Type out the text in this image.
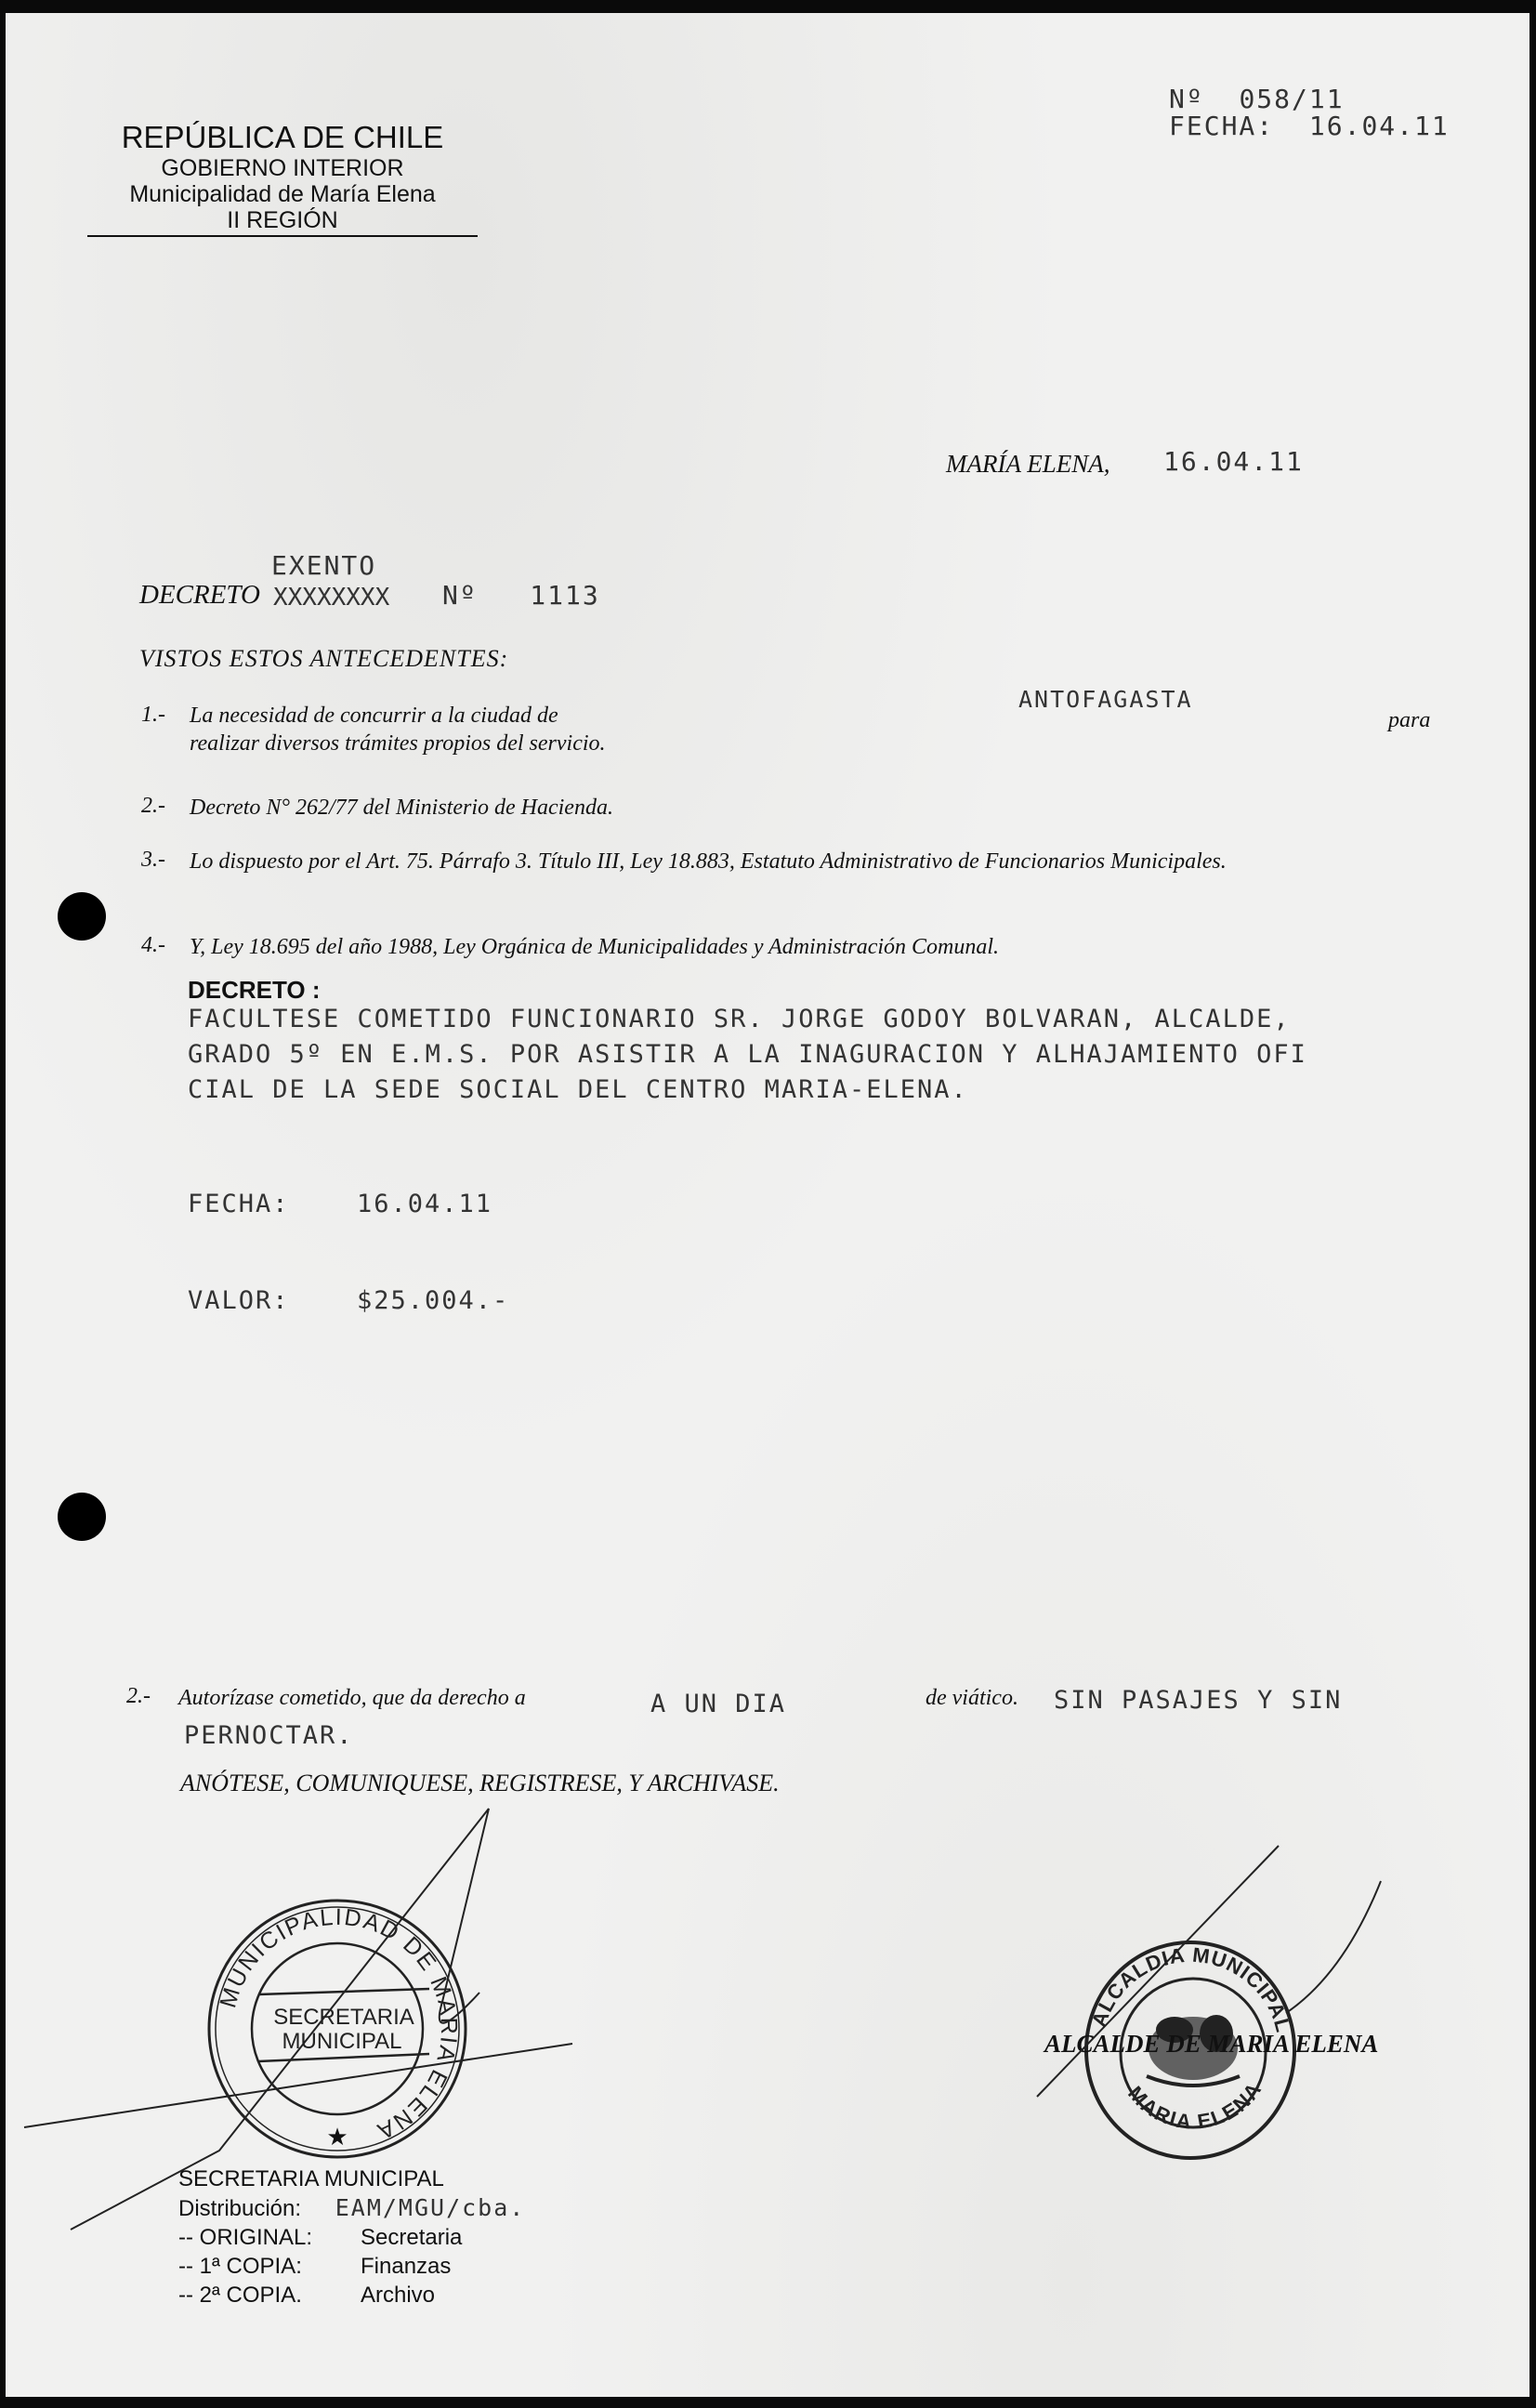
REPÚBLICA DE CHILE
GOBIERNO INTERIOR
Municipalidad de María Elena
II REGIÓN
Nº 058/11
FECHA: 16.04.11
MARÍA ELENA, 16.04.11
EXENTO
DECRETO XXXXXXXX Nº 1113
VISTOS ESTOS ANTECEDENTES:
1.- La necesidad de concurrir a la ciudad de
realizar diversos trámites propios del servicio.
ANTOFAGASTA
para
2.- Decreto N° 262/77 del Ministerio de Hacienda.
3.- Lo dispuesto por el Art. 75. Párrafo 3. Título III, Ley 18.883, Estatuto Administrativo de Funcionarios Municipales.
4.- Y, Ley 18.695 del año 1988, Ley Orgánica de Municipalidades y Administración Comunal.
DECRETO :
FACULTESE COMETIDO FUNCIONARIO SR. JORGE GODOY BOLVARAN, ALCALDE,
GRADO 5º EN E.M.S. POR ASISTIR A LA INAGURACION Y ALHAJAMIENTO OFI
CIAL DE LA SEDE SOCIAL DEL CENTRO MARIA-ELENA.
FECHA:	16.04.11
VALOR:	$25.004.-
2.- Autorízase cometido, que da derecho a	A UN DIA	de viático. SIN PASAJES Y SIN
PERNOCTAR.
ANÓTESE, COMUNIQUESE, REGISTRESE, Y ARCHIVASE.
MUNICIPALIDAD DE MARIA ELENA
SECRETARIA
MUNICIPAL
★
ALCALDIA MUNICIPAL
MARIA ELENA
ALCALDE DE MARIA ELENA
SECRETARIA MUNICIPAL
Distribución: EAM/MGU/cba.
-- ORIGINAL: Secretaria
-- 1ª COPIA:	Finanzas
-- 2ª COPIA.	Archivo
